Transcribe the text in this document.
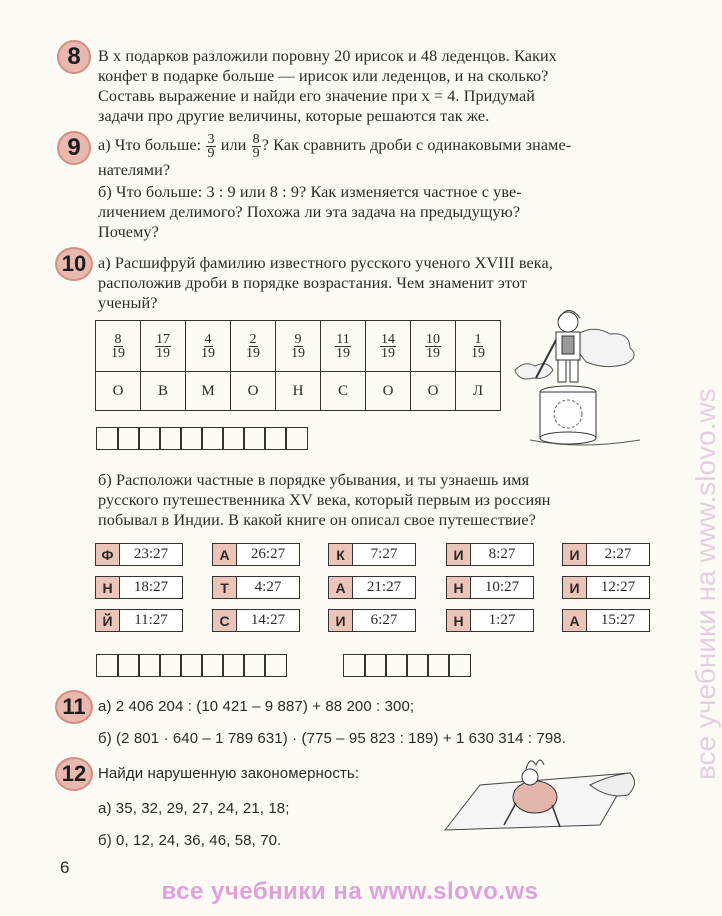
8 В x подарков разложили поровну 20 ирисок и 48 леденцов. Каких
конфет в подарке больше — ирисок или леденцов, и на сколько?
Составь выражение и найди его значение при x = 4. Придумай
задачи про другие величины, которые решаются так же.
9 а) Что больше: $\frac{3}{9}$ или $\frac{8}{9}$ ? Как сравнить дроби с одинаковыми знаме-
нателями?
б) Что больше: 3 : 9 или 8 : 9? Как изменяется частное с уве-
личением делимого? Похожа ли эта задача на предыдущую?
Почему?
10 а) Расшифруй фамилию известного русского ученого XVIII века,
расположив дроби в порядке возрастания. Чем знаменит этот
ученый?
$\frac{8}{19}$	$\frac{17}{19}$	$\frac{4}{19}$	$\frac{2}{19}$	$\frac{9}{19}$	$\frac{11}{19}$	$\frac{14}{19}$	$\frac{10}{19}$	$\frac{1}{19}$

О	В	М	О	Н	С	О	О	Л
б) Расположи частные в порядке убывания, и ты узнаешь имя
русского путешественника XV века, который первым из россиян
побывал в Индии. В какой книге он описал свое путешествие?
Ф	23:27	А	26:27	К	7:27	И	8:27	И	2:27
Н	18:27	Т	4:27	А	21:27	Н	10:27	И	12:27
Й	11:27	С	14:27	И	6:27	Н	1:27	А	15:27
11 а) 2 406 204 : (10 421 – 9 887) + 88 200 : 300;
б) (2 801 · 640 – 1 789 631) · (775 – 95 823 : 189) + 1 630 314 : 798.
12 Найди нарушенную закономерность:
а) 35, 32, 29, 27, 24, 21, 18;
б) 0, 12, 24, 36, 46, 58, 70.
6
все учебники на www.slovo.ws
все учебники на www.slovo.ws
